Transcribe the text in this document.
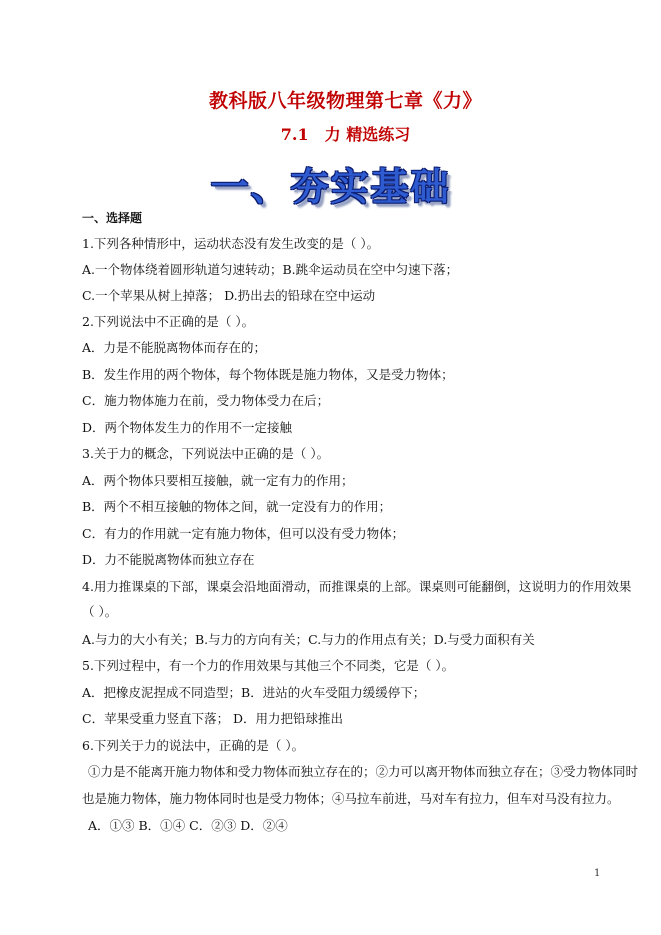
教科版八年级物理第七章《力》
7.1　力 精选练习
一、夯实基础
一、选择题
1.下列各种情形中，运动状态没有发生改变的是（ ）。
A.一个物体绕着圆形轨道匀速转动；B.跳伞运动员在空中匀速下落；
C.一个苹果从树上掉落； D.扔出去的铅球在空中运动
2.下列说法中不正确的是（ ）。
A．力是不能脱离物体而存在的；
B．发生作用的两个物体，每个物体既是施力物体，又是受力物体；
C．施力物体施力在前，受力物体受力在后；
D．两个物体发生力的作用不一定接触
3.关于力的概念，下列说法中正确的是（ ）。
A．两个物体只要相互接触，就一定有力的作用；
B．两个不相互接触的物体之间，就一定没有力的作用；
C．有力的作用就一定有施力物体，但可以没有受力物体；
D．力不能脱离物体而独立存在
4.用力推课桌的下部，课桌会沿地面滑动，而推课桌的上部。课桌则可能翻倒，这说明力的作用效果
（ ）。
A.与力的大小有关；B.与力的方向有关；C.与力的作用点有关；D.与受力面积有关
5.下列过程中，有一个力的作用效果与其他三个不同类，它是（ ）。
A．把橡皮泥捏成不同造型；B．进站的火车受阻力缓缓停下；
C．苹果受重力竖直下落； D．用力把铅球推出
6.下列关于力的说法中，正确的是（ ）。
①力是不能离开施力物体和受力物体而独立存在的；②力可以离开物体而独立存在；③受力物体同时
也是施力物体，施力物体同时也是受力物体；④马拉车前进，马对车有拉力，但车对马没有拉力。
A．①③ B．①④ C．②③ D．②④
1
